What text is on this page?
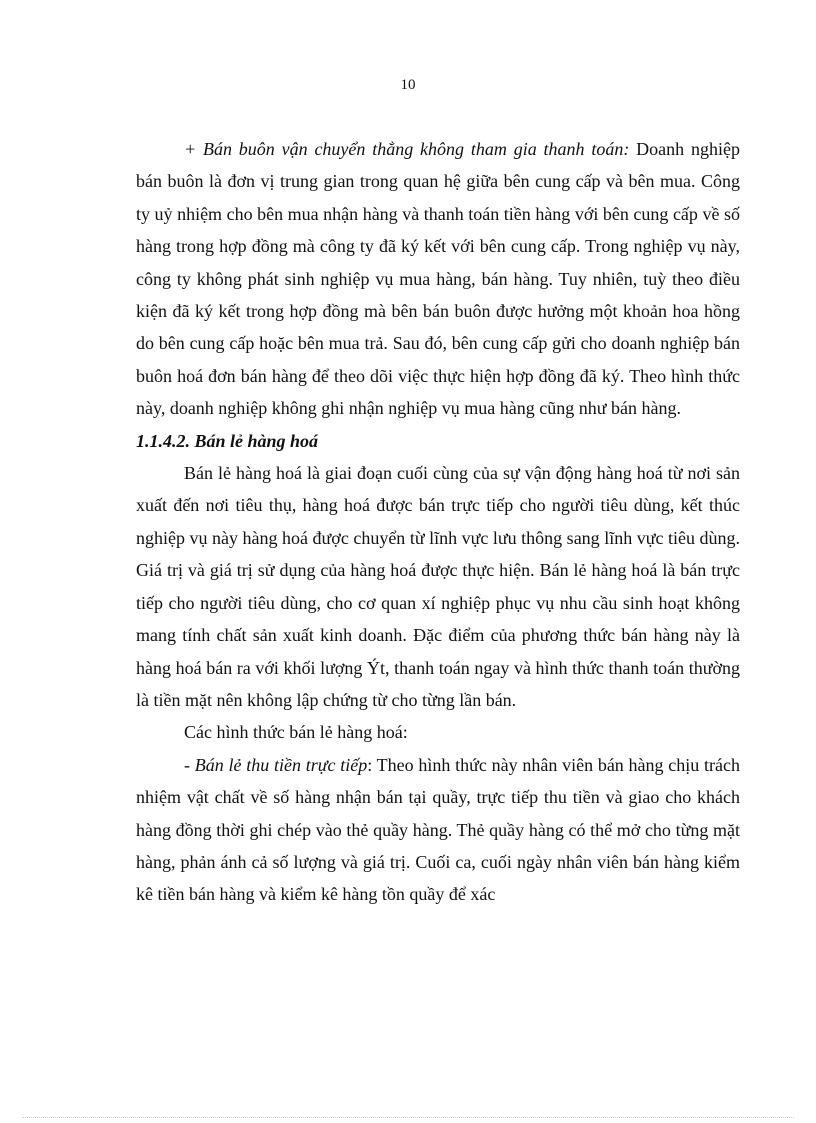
10

+ Bán buôn vận chuyển thẳng không tham gia thanh toán: Doanh nghiệp bán buôn là đơn vị trung gian trong quan hệ giữa bên cung cấp và bên mua. Công ty uỷ nhiệm cho bên mua nhận hàng và thanh toán tiền hàng với bên cung cấp về số hàng trong hợp đồng mà công ty đã ký kết với bên cung cấp. Trong nghiệp vụ này, công ty không phát sinh nghiệp vụ mua hàng, bán hàng. Tuy nhiên, tuỳ theo điều kiện đã ký kết trong hợp đồng mà bên bán buôn được hưởng một khoản hoa hồng do bên cung cấp hoặc bên mua trả. Sau đó, bên cung cấp gửi cho doanh nghiệp bán buôn hoá đơn bán hàng để theo dõi việc thực hiện hợp đồng đã ký. Theo hình thức này, doanh nghiệp không ghi nhận nghiệp vụ mua hàng cũng như bán hàng.

1.1.4.2. Bán lẻ hàng hoá

Bán lẻ hàng hoá là giai đoạn cuối cùng của sự vận động hàng hoá từ nơi sản xuất đến nơi tiêu thụ, hàng hoá được bán trực tiếp cho người tiêu dùng, kết thúc nghiệp vụ này hàng hoá được chuyển từ lĩnh vực lưu thông sang lĩnh vực tiêu dùng. Giá trị và giá trị sử dụng của hàng hoá được thực hiện. Bán lẻ hàng hoá là bán trực tiếp cho người tiêu dùng, cho cơ quan xí nghiệp phục vụ nhu cầu sinh hoạt không mang tính chất sản xuất kinh doanh. Đặc điểm của phương thức bán hàng này là hàng hoá bán ra với khối lượng Ýt, thanh toán ngay và hình thức thanh toán thường là tiền mặt nên không lập chứng từ cho từng lần bán.

Các hình thức bán lẻ hàng hoá:

- Bán lẻ thu tiền trực tiếp: Theo hình thức này nhân viên bán hàng chịu trách nhiệm vật chất về số hàng nhận bán tại quầy, trực tiếp thu tiền và giao cho khách hàng đồng thời ghi chép vào thẻ quầy hàng. Thẻ quầy hàng có thể mở cho từng mặt hàng, phản ánh cả số lượng và giá trị. Cuối ca, cuối ngày nhân viên bán hàng kiểm kê tiền bán hàng và kiểm kê hàng tồn quầy để xác
